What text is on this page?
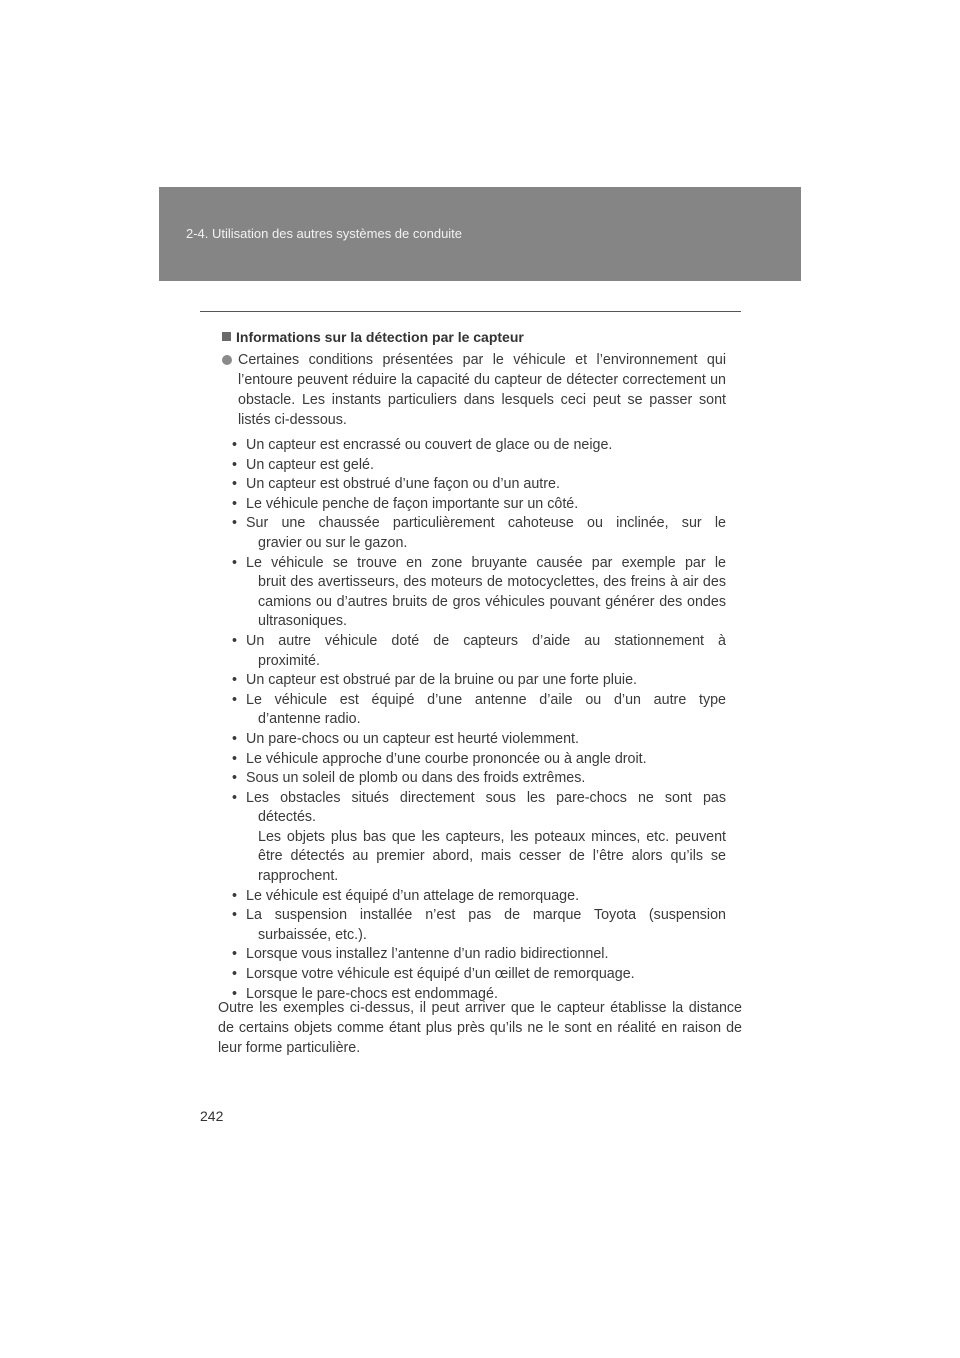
2-4. Utilisation des autres systèmes de conduite
Informations sur la détection par le capteur
Certaines conditions présentées par le véhicule et l’environnement qui l’entoure peuvent réduire la capacité du capteur de détecter correctement un obstacle. Les instants particuliers dans lesquels ceci peut se passer sont listés ci-dessous.
• Un capteur est encrassé ou couvert de glace ou de neige.
• Un capteur est gelé.
• Un capteur est obstrué d’une façon ou d’un autre.
• Le véhicule penche de façon importante sur un côté.
• Sur une chaussée particulièrement cahoteuse ou inclinée, sur le
gravier ou sur le gazon.
• Le véhicule se trouve en zone bruyante causée par exemple par le
bruit des avertisseurs, des moteurs de motocyclettes, des freins à air des camions ou d’autres bruits de gros véhicules pouvant générer des ondes ultrasoniques.
• Un autre véhicule doté de capteurs d’aide au stationnement à
proximité.
• Un capteur est obstrué par de la bruine ou par une forte pluie.
• Le véhicule est équipé d’une antenne d’aile ou d’un autre type
d’antenne radio.
• Un pare-chocs ou un capteur est heurté violemment.
• Le véhicule approche d’une courbe prononcée ou à angle droit.
• Sous un soleil de plomb ou dans des froids extrêmes.
• Les obstacles situés directement sous les pare-chocs ne sont pas
détectés.
Les objets plus bas que les capteurs, les poteaux minces, etc. peuvent être détectés au premier abord, mais cesser de l’être alors qu’ils se rapprochent.
• Le véhicule est équipé d’un attelage de remorquage.
• La suspension installée n’est pas de marque Toyota (suspension
surbaissée, etc.).
• Lorsque vous installez l’antenne d’un radio bidirectionnel.
• Lorsque votre véhicule est équipé d’un œillet de remorquage.
• Lorsque le pare-chocs est endommagé.
Outre les exemples ci-dessus, il peut arriver que le capteur établisse la distance de certains objets comme étant plus près qu’ils ne le sont en réalité en raison de leur forme particulière.
242
